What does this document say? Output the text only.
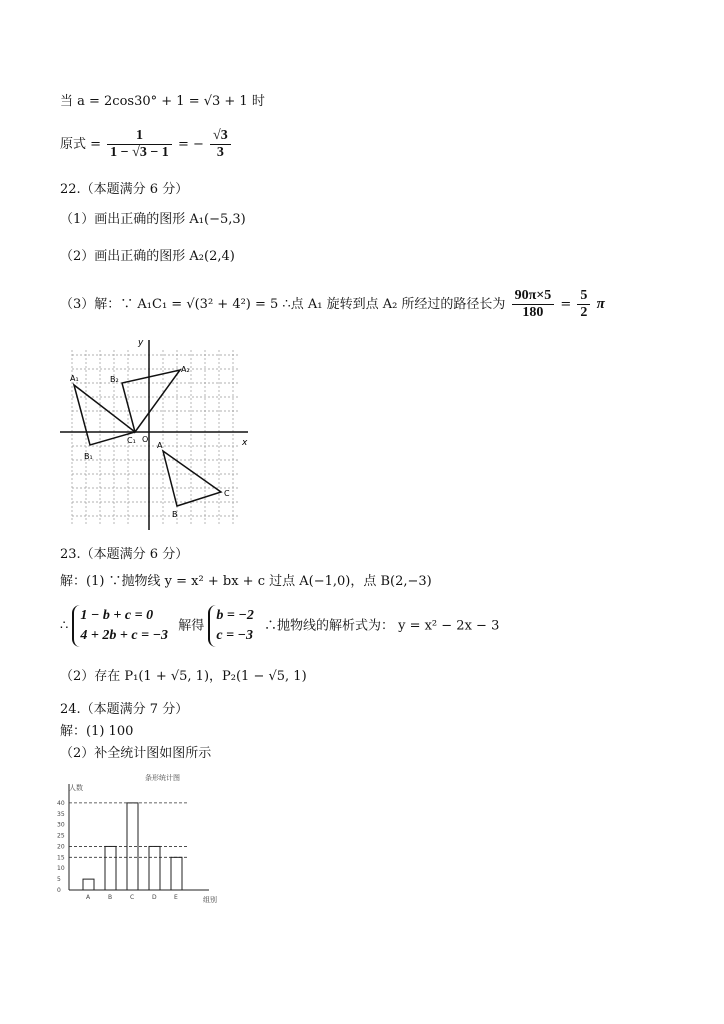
当 a = 2cos30° + 1 = √3 + 1 时
原式 = $\frac{1}{1 - √3 - 1}$ = − $\frac{√3}{3}$
22.（本题满分 6 分）
（1）画出正确的图形 A₁(−5,3)
（2）画出正确的图形 A₂(2,4)
（3）解：∵ A₁C₁ = √(3² + 4²) = 5 ∴点 A₁ 旋转到点 A₂ 所经过的路径长为 $\frac{90\pi\times 5}{180} = \frac{5}{2}$ π
x
y
O
A₁	B₂
C₁
A₂
A
B
C
B₁
23.（本题满分 6 分）
解：(1) ∵抛物线 y = x² + bx + c 过点 A(−1,0)，点 B(2,−3)
∴
1 − b + c = 0
4 + 2b + c = −3
解得
b = −2
c = −3
∴抛物线的解析式为： y = x² − 2x − 3
（2）存在 P₁(1 + √5, 1)，P₂(1 − √5, 1)
24.（本题满分 7 分）
解：(1) 100
（2）补全统计图如图所示
条形统计图
人数
组别
0
5
10
15
20
25
30
35
40
A	B	C	D	E
